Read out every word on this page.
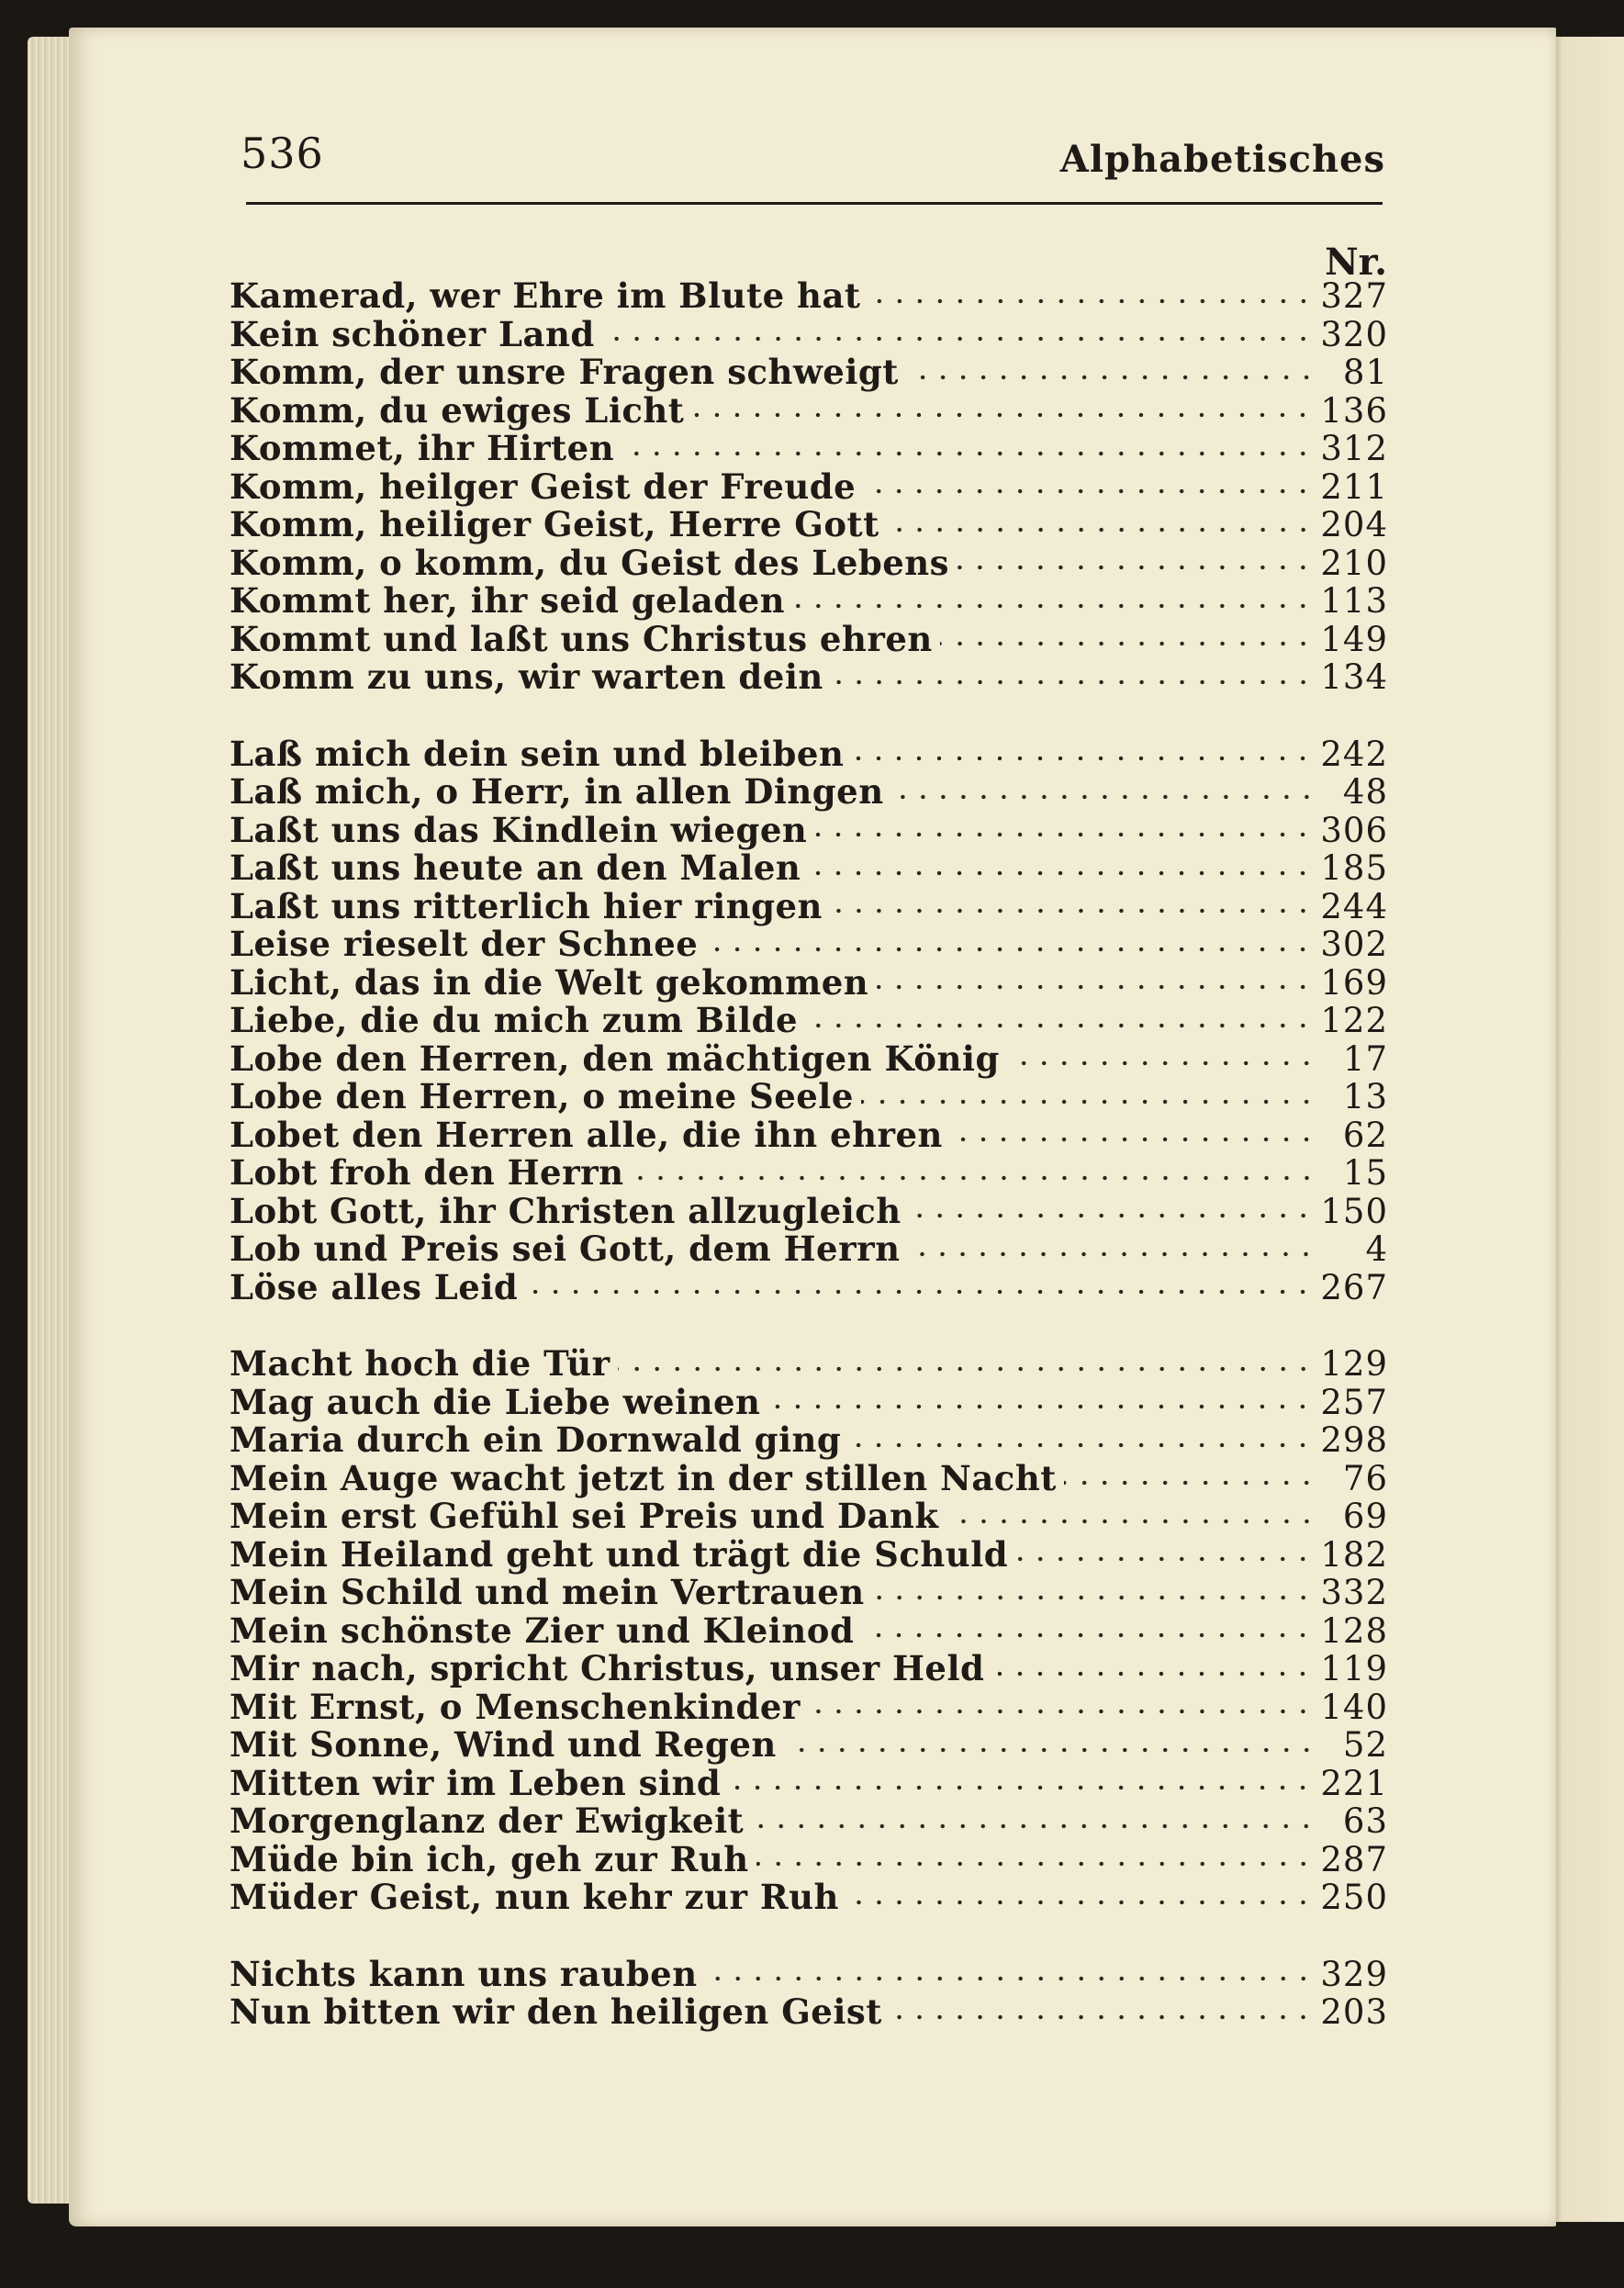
536	Alphabetisches
Nr.
Kamerad, wer Ehre im Blute hat	327
Kein schöner Land	320
Komm, der unsre Fragen schweigt	81
Komm, du ewiges Licht	136
Kommet, ihr Hirten	312
Komm, heilger Geist der Freude	211
Komm, heiliger Geist, Herre Gott	204
Komm, o komm, du Geist des Lebens	210
Kommt her, ihr seid geladen	113
Kommt und laßt uns Christus ehren	149
Komm zu uns, wir warten dein	134
Laß mich dein sein und bleiben	242
Laß mich, o Herr, in allen Dingen	48
Laßt uns das Kindlein wiegen	306
Laßt uns heute an den Malen	185
Laßt uns ritterlich hier ringen	244
Leise rieselt der Schnee	302
Licht, das in die Welt gekommen	169
Liebe, die du mich zum Bilde	122
Lobe den Herren, den mächtigen König	17
Lobe den Herren, o meine Seele	13
Lobet den Herren alle, die ihn ehren	62
Lobt froh den Herrn	15
Lobt Gott, ihr Christen allzugleich	150
Lob und Preis sei Gott, dem Herrn	4
Löse alles Leid	267
Macht hoch die Tür	129
Mag auch die Liebe weinen	257
Maria durch ein Dornwald ging	298
Mein Auge wacht jetzt in der stillen Nacht	76
Mein erst Gefühl sei Preis und Dank	69
Mein Heiland geht und trägt die Schuld	182
Mein Schild und mein Vertrauen	332
Mein schönste Zier und Kleinod	128
Mir nach, spricht Christus, unser Held	119
Mit Ernst, o Menschenkinder	140
Mit Sonne, Wind und Regen	52
Mitten wir im Leben sind	221
Morgenglanz der Ewigkeit	63
Müde bin ich, geh zur Ruh	287
Müder Geist, nun kehr zur Ruh	250
Nichts kann uns rauben	329
Nun bitten wir den heiligen Geist	203
